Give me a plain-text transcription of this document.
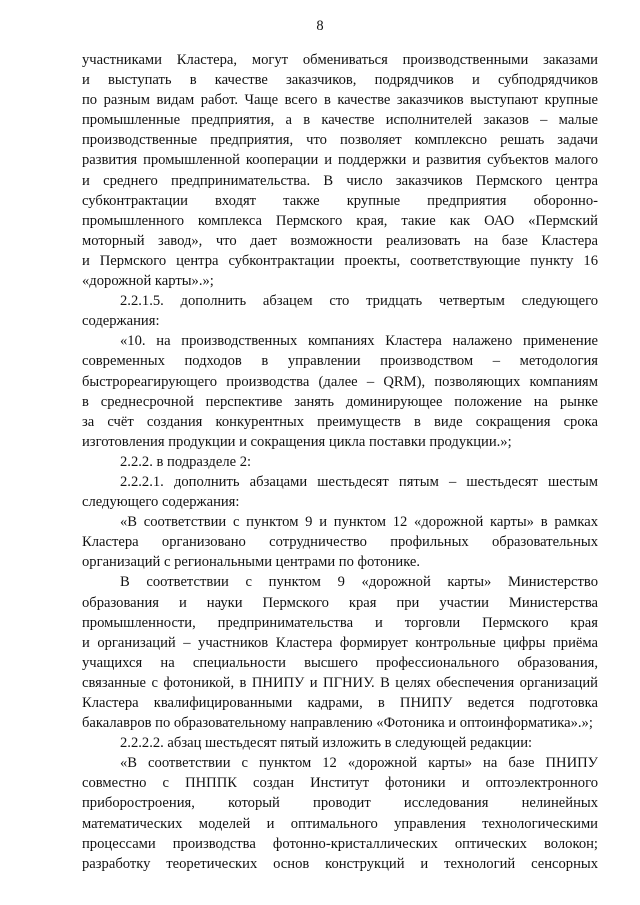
8
участниками Кластера, могут обмениваться производственными заказами
и выступать в качестве заказчиков, подрядчиков и субподрядчиков
по разным видам работ. Чаще всего в качестве заказчиков выступают крупные
промышленные предприятия, а в качестве исполнителей заказов – малые
производственные предприятия, что позволяет комплексно решать задачи
развития промышленной кооперации и поддержки и развития субъектов малого
и среднего предпринимательства. В число заказчиков Пермского центра
субконтрактации входят также крупные предприятия оборонно-
промышленного комплекса Пермского края, такие как ОАО «Пермский
моторный завод», что дает возможности реализовать на базе Кластера
и Пермского центра субконтрактации проекты, соответствующие пункту 16
«дорожной карты».»;
2.2.1.5. дополнить абзацем сто тридцать четвертым следующего
содержания:
«10. на производственных компаниях Кластера налажено применение
современных подходов в управлении производством – методология
быстрореагирующего производства (далее – QRM), позволяющих компаниям
в среднесрочной перспективе занять доминирующее положение на рынке
за счёт создания конкурентных преимуществ в виде сокращения срока
изготовления продукции и сокращения цикла поставки продукции.»;
2.2.2. в подразделе 2:
2.2.2.1. дополнить абзацами шестьдесят пятым – шестьдесят шестым
следующего содержания:
«В соответствии с пунктом 9 и пунктом 12 «дорожной карты» в рамках
Кластера организовано сотрудничество профильных образовательных
организаций с региональными центрами по фотонике.
В соответствии с пунктом 9 «дорожной карты» Министерство
образования и науки Пермского края при участии Министерства
промышленности, предпринимательства и торговли Пермского края
и организаций – участников Кластера формирует контрольные цифры приёма
учащихся на специальности высшего профессионального образования,
связанные с фотоникой, в ПНИПУ и ПГНИУ. В целях обеспечения организаций
Кластера квалифицированными кадрами, в ПНИПУ ведется подготовка
бакалавров по образовательному направлению «Фотоника и оптоинформатика».»;
2.2.2.2. абзац шестьдесят пятый изложить в следующей редакции:
«В соответствии с пунктом 12 «дорожной карты» на базе ПНИПУ
совместно с ПНППК создан Институт фотоники и оптоэлектронного
приборостроения, который проводит исследования нелинейных
математических моделей и оптимального управления технологическими
процессами производства фотонно-кристаллических оптических волокон;
разработку теоретических основ конструкций и технологий сенсорных
